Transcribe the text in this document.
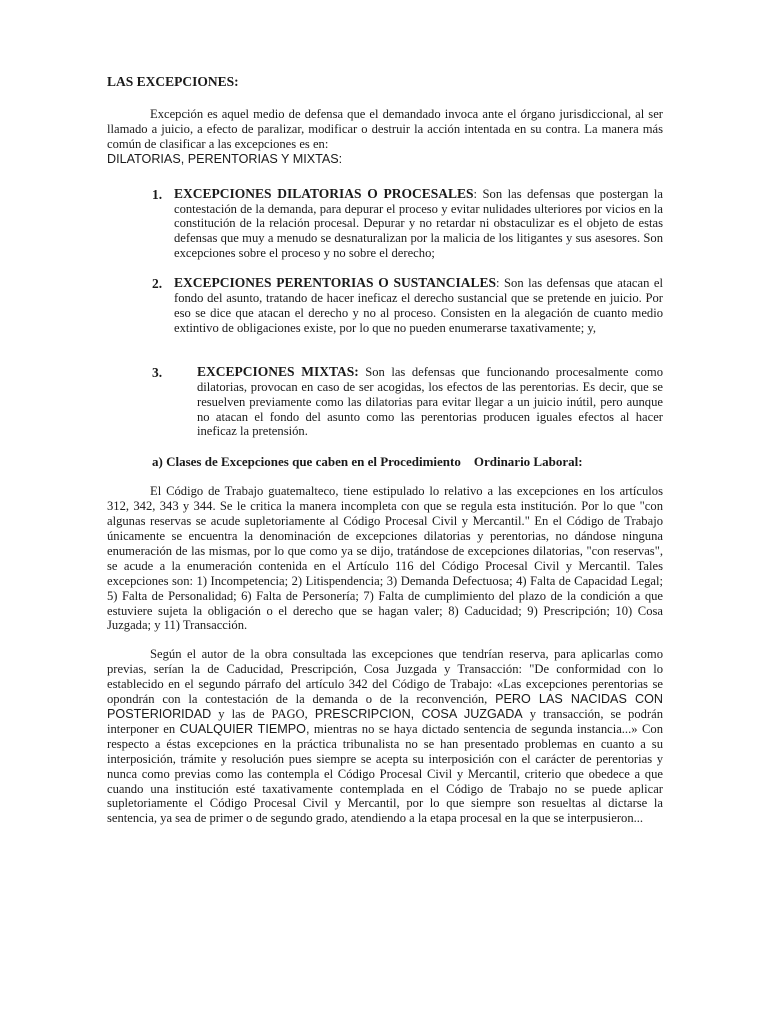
LAS EXCEPCIONES:

Excepción es aquel medio de defensa que el demandado invoca ante el órgano jurisdiccional, al ser llamado a juicio, a efecto de paralizar, modificar o destruir la acción intentada en su contra. La manera más común de clasificar a las excepciones es en:
DILATORIAS, PERENTORIAS Y MIXTAS:

1. EXCEPCIONES DILATORIAS O PROCESALES: Son las defensas que postergan la contestación de la demanda, para depurar el proceso y evitar nulidades ulteriores por vicios en la constitución de la relación procesal. Depurar y no retardar ni obstaculizar es el objeto de estas defensas que muy a menudo se desnaturalizan por la malicia de los litigantes y sus asesores. Son excepciones sobre el proceso y no sobre el derecho;

2. EXCEPCIONES PERENTORIAS O SUSTANCIALES: Son las defensas que atacan el fondo del asunto, tratando de hacer ineficaz el derecho sustancial que se pretende en juicio. Por eso se dice que atacan el derecho y no al proceso. Consisten en la alegación de cuanto medio extintivo de obligaciones existe, por lo que no pueden enumerarse taxativamente; y,

3.	EXCEPCIONES MIXTAS: Son las defensas que funcionando procesalmente como dilatorias, provocan en caso de ser acogidas, los efectos de las perentorias. Es decir, que se resuelven previamente como las dilatorias para evitar llegar a un juicio inútil, pero aunque no atacan el fondo del asunto como las perentorias producen iguales efectos al hacer ineficaz la pretensión.

a) Clases de Excepciones que caben en el Procedimiento    Ordinario Laboral:

El Código de Trabajo guatemalteco, tiene estipulado lo relativo a las excepciones en los artículos 312, 342, 343 y 344. Se le critica la manera incompleta con que se regula esta institución. Por lo que "con algunas reservas se acude supletoriamente al Código Procesal Civil y Mercantil." En el Código de Trabajo únicamente se encuentra la denominación de excepciones dilatorias y perentorias, no dándose ninguna enumeración de las mismas, por lo que como ya se dijo, tratándose de excepciones dilatorias, "con reservas", se acude a la enumeración contenida en el Artículo 116 del Código Procesal Civil y Mercantil. Tales excepciones son: 1) Incompetencia; 2) Litispendencia; 3) Demanda Defectuosa; 4) Falta de Capacidad Legal; 5) Falta de Personalidad; 6) Falta de Personería; 7) Falta de cumplimiento del plazo de la condición a que estuviere sujeta la obligación o el derecho que se hagan valer; 8) Caducidad; 9) Prescripción; 10) Cosa Juzgada; y 11) Transacción.

Según el autor de la obra consultada las excepciones que tendrían reserva, para aplicarlas como previas, serían la de Caducidad, Prescripción, Cosa Juzgada y Transacción: "De conformidad con lo establecido en el segundo párrafo del artículo 342 del Código de Trabajo: «Las excepciones perentorias se opondrán con la contestación de la demanda o de la reconvención, PERO LAS NACIDAS CON POSTERIORIDAD y las de PAGO, PRESCRIPCION, COSA JUZGADA y transacción, se podrán interponer en CUALQUIER TIEMPO, mientras no se haya dictado sentencia de segunda instancia...» Con respecto a éstas excepciones en la práctica tribunalista no se han presentado problemas en cuanto a su interposición, trámite y resolución pues siempre se acepta su interposición con el carácter de perentorias y nunca como previas como las contempla el Código Procesal Civil y Mercantil, criterio que obedece a que cuando una institución esté taxativamente contemplada en el Código de Trabajo no se puede aplicar supletoriamente el Código Procesal Civil y Mercantil, por lo que siempre son resueltas al dictarse la sentencia, ya sea de primer o de segundo grado, atendiendo a la etapa procesal en la que se interpusieron...
